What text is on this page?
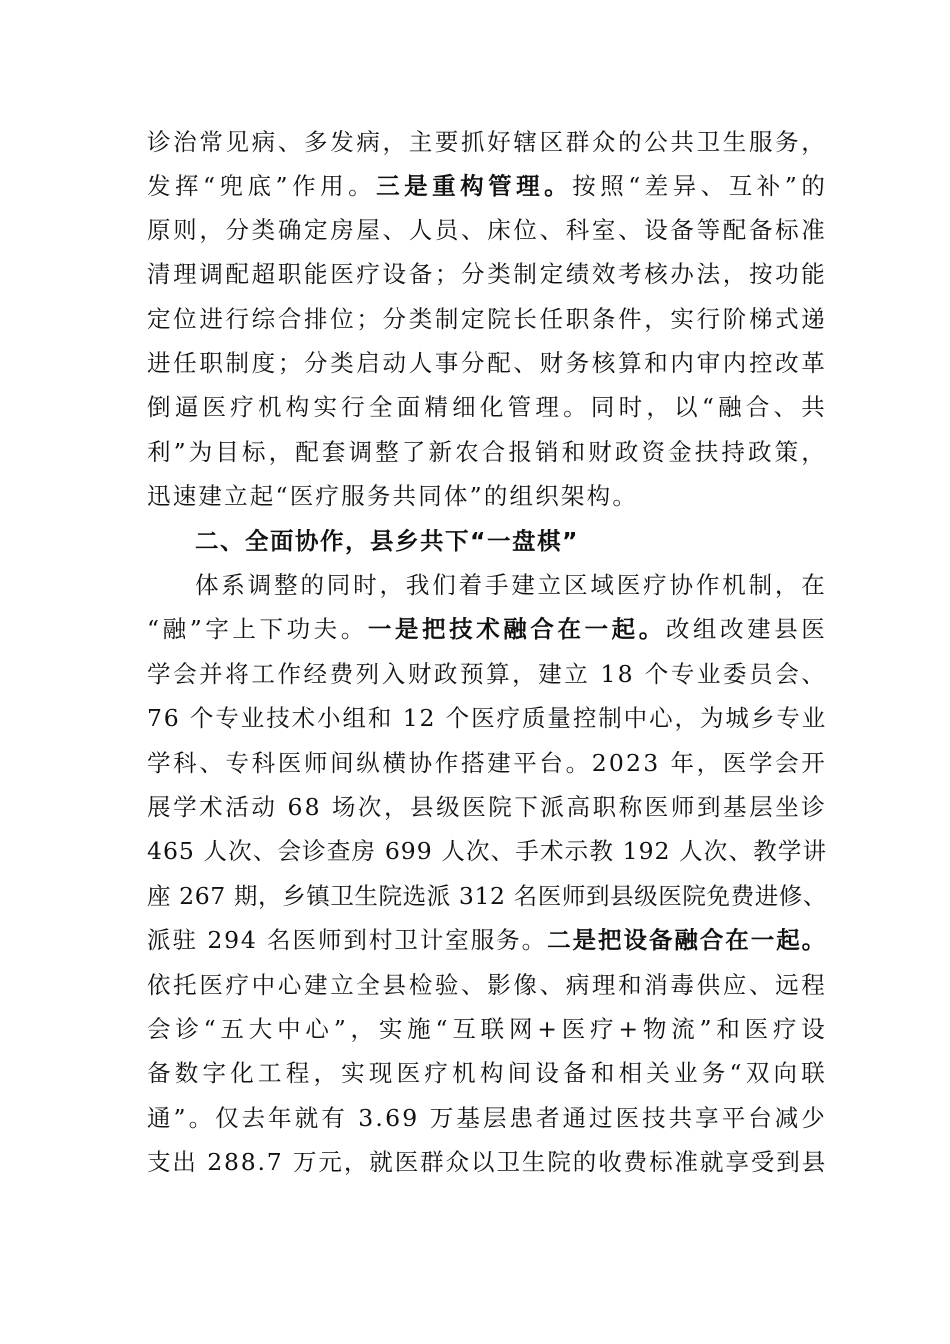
诊治常见病、多发病，主要抓好辖区群众的公共卫生服务，
发挥“兜底”作用。三是重构管理。按照“差异、互补”的
原则，分类确定房屋、人员、床位、科室、设备等配备标准
清理调配超职能医疗设备；分类制定绩效考核办法，按功能
定位进行综合排位；分类制定院长任职条件，实行阶梯式递
进任职制度；分类启动人事分配、财务核算和内审内控改革
倒逼医疗机构实行全面精细化管理。同时，以“融合、共
利”为目标，配套调整了新农合报销和财政资金扶持政策，
迅速建立起“医疗服务共同体”的组织架构。
二、全面协作，县乡共下“一盘棋”
体系调整的同时，我们着手建立区域医疗协作机制，在
“融”字上下功夫。一是把技术融合在一起。改组改建县医
学会并将工作经费列入财政预算，建立 18 个专业委员会、
76 个专业技术小组和 12 个医疗质量控制中心，为城乡专业
学科、专科医师间纵横协作搭建平台。2023 年，医学会开
展学术活动 68 场次，县级医院下派高职称医师到基层坐诊
465 人次、会诊查房 699 人次、手术示教 192 人次、教学讲
座 267 期，乡镇卫生院选派 312 名医师到县级医院免费进修、
派驻 294 名医师到村卫计室服务。二是把设备融合在一起。
依托医疗中心建立全县检验、影像、病理和消毒供应、远程
会诊“五大中心”，实施“互联网+医疗+物流”和医疗设
备数字化工程，实现医疗机构间设备和相关业务“双向联
通”。仅去年就有 3.69 万基层患者通过医技共享平台减少
支出 288.7 万元，就医群众以卫生院的收费标准就享受到县
